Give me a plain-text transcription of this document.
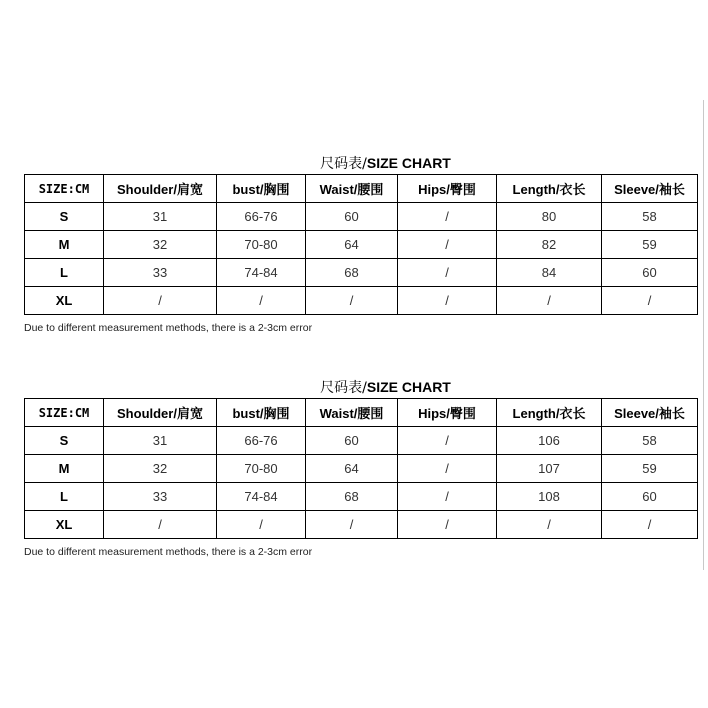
尺码表/SIZE CHART
SIZE:CM	Shoulder/肩宽	bust/胸围	Waist/腰围	Hips/臀围	Length/衣长	Sleeve/袖长
S	31	66-76	60	/	80	58
M	32	70-80	64	/	82	59
L	33	74-84	68	/	84	60
XL	/	/	/	/	/	/
Due to different measurement methods, there is a 2-3cm error
尺码表/SIZE CHART
SIZE:CM	Shoulder/肩宽	bust/胸围	Waist/腰围	Hips/臀围	Length/衣长	Sleeve/袖长
S	31	66-76	60	/	106	58
M	32	70-80	64	/	107	59
L	33	74-84	68	/	108	60
XL	/	/	/	/	/	/
Due to different measurement methods, there is a 2-3cm error
